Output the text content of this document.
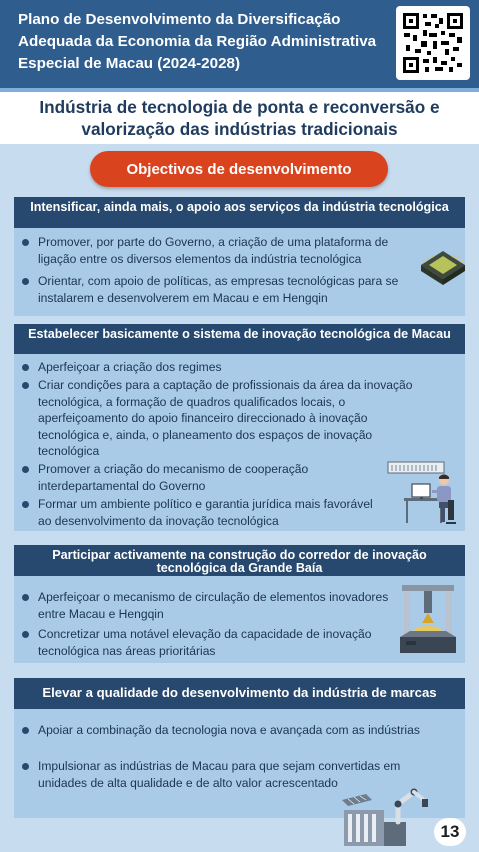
Plano de Desenvolvimento da Diversificação Adequada da Economia da Região Administrativa Especial de Macau (2024-2028)
Indústria de tecnologia de ponta e reconversão e valorização das indústrias tradicionais
Objectivos de desenvolvimento
Intensificar, ainda mais, o apoio aos serviços da indústria tecnológica
Promover, por parte do Governo, a criação de uma plataforma de ligação entre os diversos elementos da indústria tecnológica
Orientar, com apoio de políticas, as empresas tecnológicas para se instalarem e desenvolverem em Macau e em Hengqin
Estabelecer basicamente o sistema de inovação tecnológica de Macau
Aperfeiçoar a criação dos regimes
Criar condições para a captação de profissionais da área da inovação tecnológica, a formação de quadros qualificados locais, o aperfeiçoamento do apoio financeiro direccionado à inovação tecnológica e, ainda, o planeamento dos espaços de inovação tecnológica
Promover a criação do mecanismo de cooperação interdepartamental do Governo
Formar um ambiente político e garantia jurídica mais favorável ao desenvolvimento da inovação tecnológica
Participar activamente na construção do corredor de inovação tecnológica da Grande Baía
Aperfeiçoar o mecanismo de circulação de elementos inovadores entre Macau e Hengqin
Concretizar uma notável elevação da capacidade de inovação tecnológica nas áreas prioritárias
Elevar a qualidade do desenvolvimento da indústria de marcas
Apoiar a combinação da tecnologia nova e avançada com as indústrias
Impulsionar as indústrias de Macau para que sejam convertidas em unidades de alta qualidade e de alto valor acrescentado
13
